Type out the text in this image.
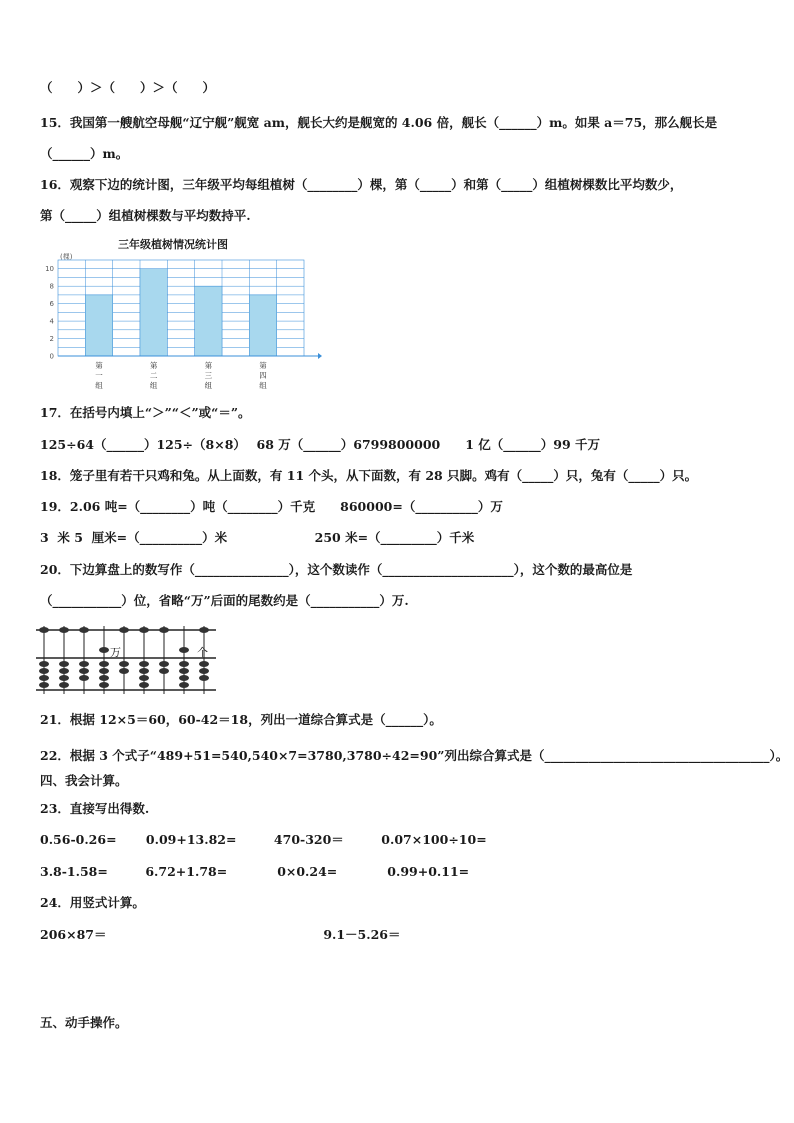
（　　）＞（　　）＞（　　）
15．我国第一艘航空母舰“辽宁舰”舰宽 am，舰长大约是舰宽的 4.06 倍，舰长（______）m。如果 a＝75，那么舰长是
（______）m。
16．观察下边的统计图，三年级平均每组植树（________）棵，第（_____）和第（_____）组植树棵数比平均数少，
第（_____）组植树棵数与平均数持平.
三年级植树情况统计图
(棵)
0
2
4
6
8
10
第
一
组
第
二
组
第
三
组
第
四
组
17．在括号内填上“＞”“＜”或“＝”。
125÷64（______）125÷（8×8）　 68 万（______）6799800000　　1 亿（______）99 千万
18．笼子里有若干只鸡和兔。从上面数，有 11 个头，从下面数，有 28 只脚。鸡有（_____）只，兔有（_____）只。
19．2.06 吨=（________）吨（________）千克　　860000=（__________）万
3  米 5  厘米=（__________）米　　　　　　　250 米=（_________）千米
20．下边算盘上的数写作（_______________），这个数读作（_____________________），这个数的最高位是
（___________）位，省略“万”后面的尾数约是（___________）万.
万	个
21．根据 12×5＝60，60-42＝18，列出一道综合算式是（______）。
22．根据 3 个式子“489+51=540,540×7=3780,3780÷42=90”列出综合算式是（____________________________________）。
四、我会计算。
23．直接写出得数.
0.56-0.26=　　 0.09+13.82=　　　470-320＝　　　0.07×100÷10=
3.8-1.58=　　　6.72+1.78=　　　　0×0.24=　　　　0.99+0.11=
24．用竖式计算。
206×87＝　　　　　　　　　　　　　　　　　 9.1－5.26＝
五、动手操作。
